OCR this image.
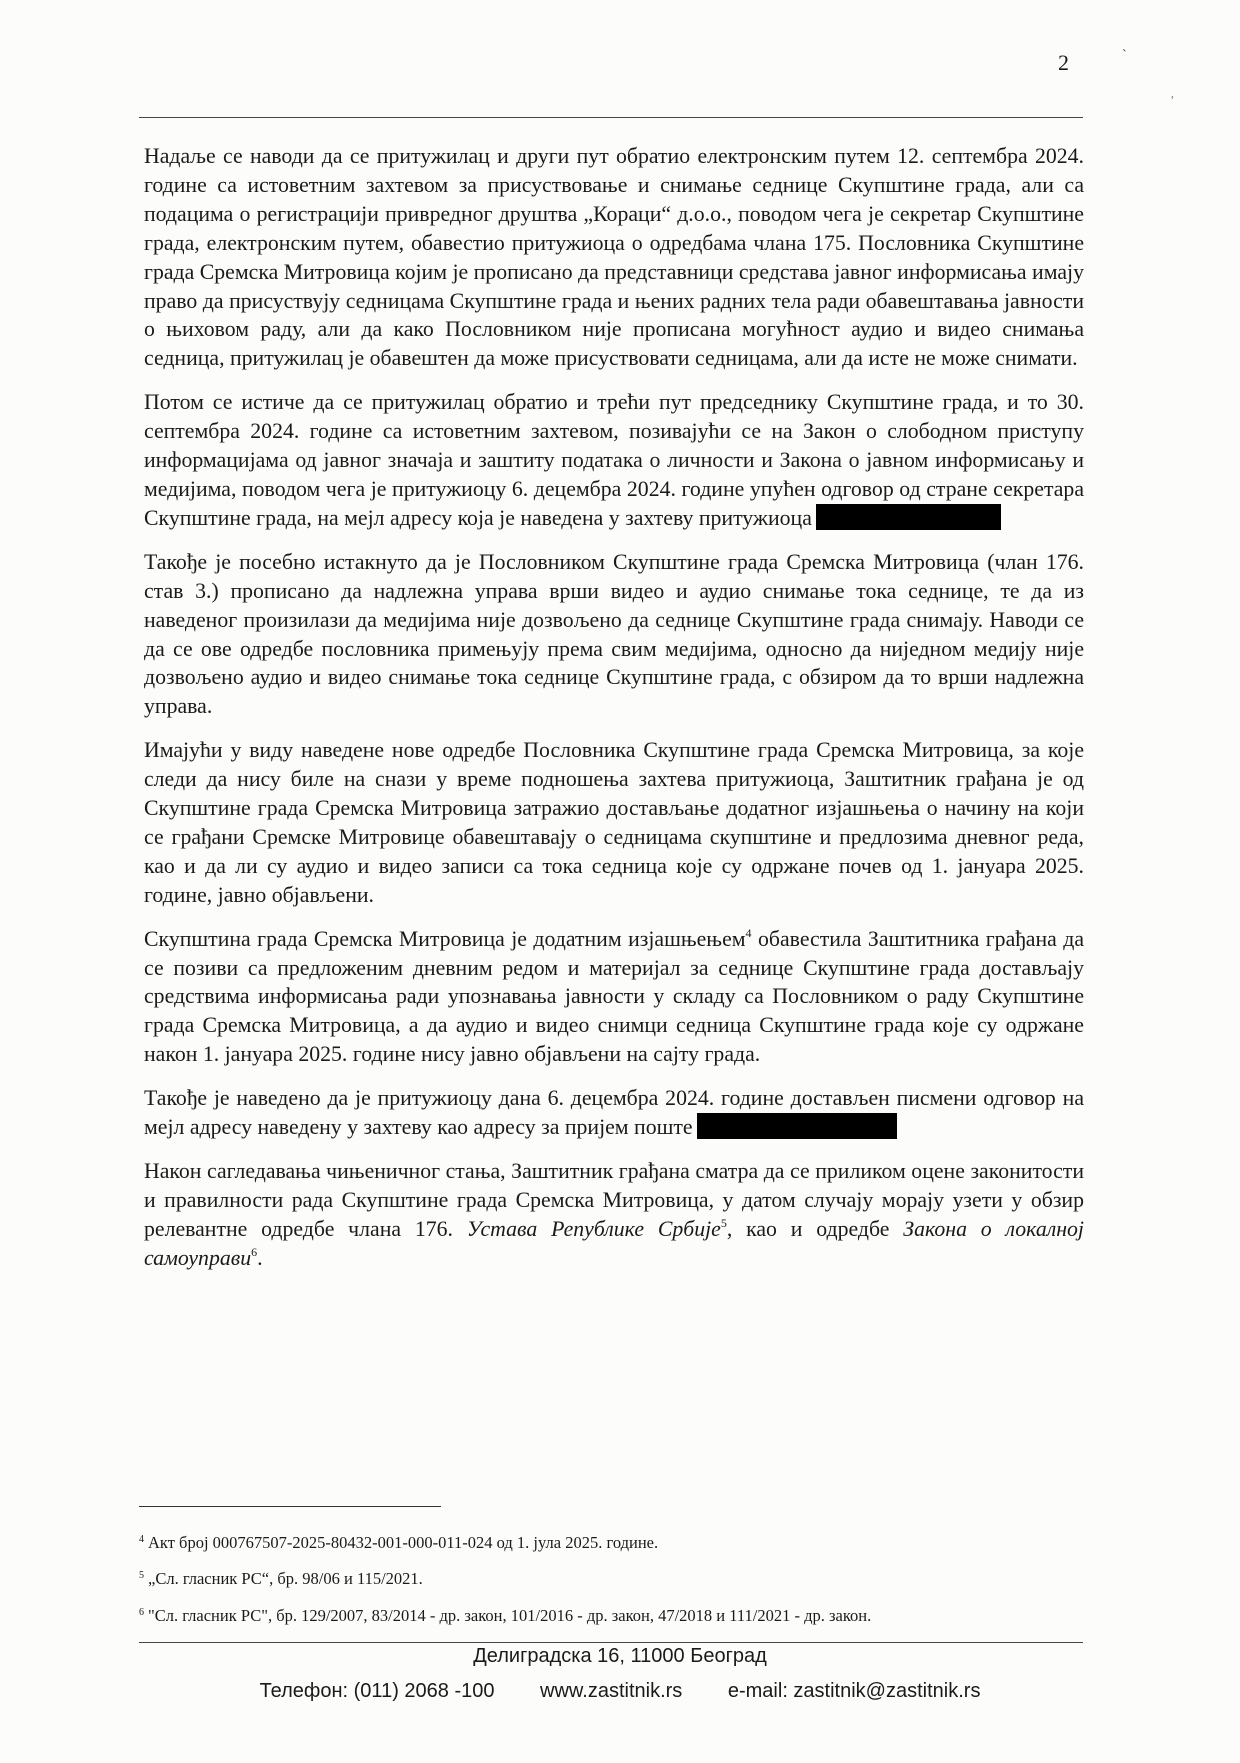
2	ˋ
ʿ

Надаље се наводи да се притужилац и други пут обратио електронским путем 12. септембра 2024. године са истоветним захтевом за присуствовање и снимање седнице Скупштине града, али са подацима о регистрацији привредног друштва „Кораци“ д.о.о., поводом чега је секретар Скупштине града, електронским путем, обавестио притужиоца о одредбама члана 175. Пословника Скупштине града Сремска Митровица којим је прописано да представници средстава јавног информисања имају право да присуствују седницама Скупштине града и њених радних тела ради обавештавања јавности о њиховом раду, али да како Пословником није прописана могућност аудио и видео снимања седница, притужилац је обавештен да може присуствовати седницама, али да исте не може снимати.

Потом се истиче да се притужилац обратио и трећи пут председнику Скупштине града, и то 30. септембра 2024. године са истоветним захтевом, позивајући се на Закон о слободном приступу информацијама од јавног значаја и заштиту података о личности и Закона о јавном информисању и медијима, поводом чега је притужиоцу 6. децембра 2024. године упућен одговор од стране секретара Скупштине града, на мејл адресу која је наведена у захтеву притужиоца

Такође је посебно истакнуто да је Пословником Скупштине града Сремска Митровица (члан 176. став 3.) прописано да надлежна управа врши видео и аудио снимање тока седнице, те да из наведеног произилази да медијима није дозвољено да седнице Скупштине града снимају. Наводи се да се ове одредбе пословника примењују према свим медијима, односно да ниједном медију није дозвољено аудио и видео снимање тока седнице Скупштине града, с обзиром да то врши надлежна управа.

Имајући у виду наведене нове одредбе Пословника Скупштине града Сремска Митровица, за које следи да нису биле на снази у време подношења захтева притужиоца, Заштитник грађана је од Скупштине града Сремска Митровица затражио достављање додатног изјашњења о начину на који се грађани Сремске Митровице обавештавају о седницама скупштине и предлозима дневног реда, као и да ли су аудио и видео записи са тока седница које су одржане почев од 1. јануара 2025. године, јавно објављени.

Скупштина града Сремска Митровица је додатним изјашњењем$^4$ обавестила Заштитника грађана да се позиви са предложеним дневним редом и материјал за седнице Скупштине града достављају средствима информисања ради упознавања јавности у складу са Пословником о раду Скупштине града Сремска Митровица, а да аудио и видео снимци седница Скупштине града које су одржане након 1. јануара 2025. године нису јавно објављени на сајту града.

Такође је наведено да је притужиоцу дана 6. децембра 2024. године достављен писмени одговор на мејл адресу наведену у захтеву као адресу за пријем поште

Након сагледавања чињеничног стања, Заштитник грађана сматра да се приликом оцене законитости и правилности рада Скупштине града Сремска Митровица, у датом случају морају узети у обзир релевантне одредбе члана 176. Устава Републике Србије$^5$, као и одредбе Закона о локалној самоуправи$^6$.

$^4$ Акт број 000767507-2025-80432-001-000-011-024 од 1. јула 2025. године.
$^5$ „Сл. гласник РС“, бр. 98/06 и 115/2021.
$^6$ "Сл. гласник РС", бр. 129/2007, 83/2014 - др. закон, 101/2016 - др. закон, 47/2018 и 111/2021 - др. закон.
Делиградска 16, 11000 Београд
Телефон: (011) 2068 -100 www.zastitnik.rs e-mail: zastitnik@zastitnik.rs
